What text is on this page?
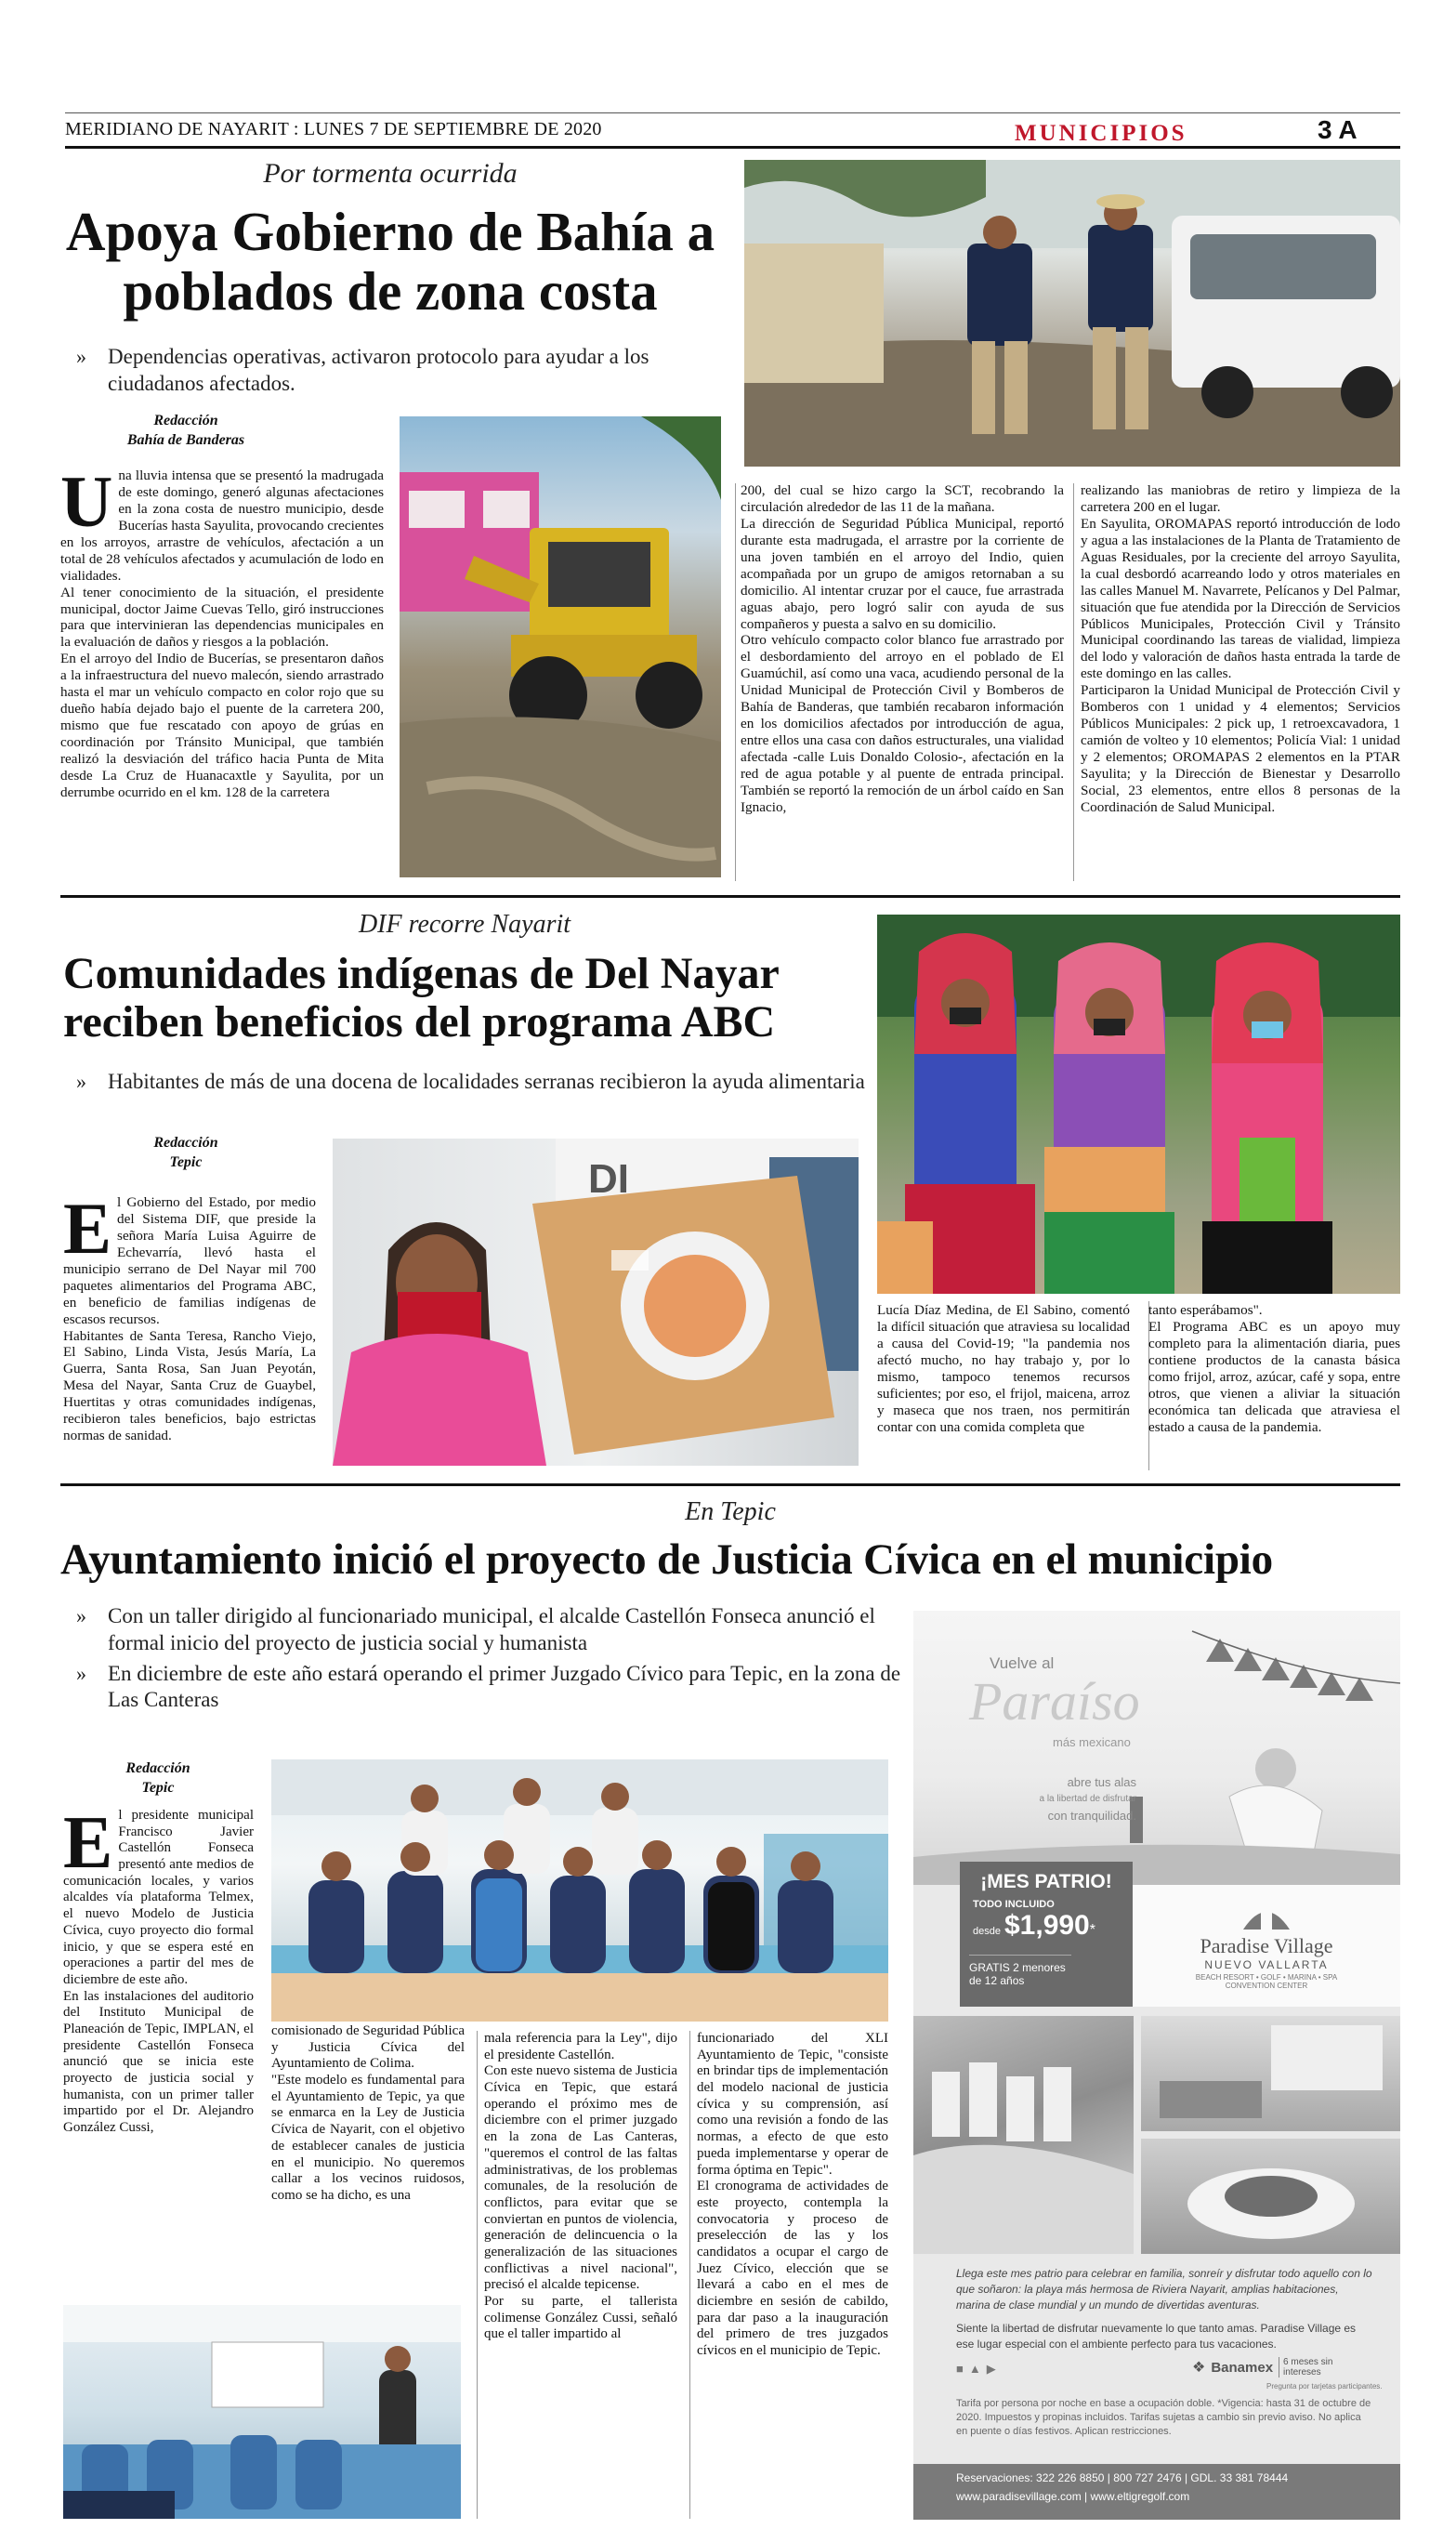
MERIDIANO DE NAYARIT : LUNES 7 DE SEPTIEMBRE DE 2020	MUNICIPIOS	3 A
Por tormenta ocurrida
Apoya Gobierno de Bahía a poblados de zona costa
» Dependencias operativas, activaron protocolo para ayudar a los ciudadanos afectados.
Redacción
Bahía de Banderas
U na lluvia intensa que se presentó la madrugada de este domingo, generó algunas afectaciones en la zona costa de nuestro municipio, desde Bucerías hasta Sayulita, provocando crecientes en los arroyos, arrastre de vehículos, afectación a un total de 28 vehículos afectados y acumulación de lodo en vialidades.
Al tener conocimiento de la situación, el presidente municipal, doctor Jaime Cuevas Tello, giró instrucciones para que intervinieran las dependencias municipales en la evaluación de daños y riesgos a la población.
En el arroyo del Indio de Bucerías, se presentaron daños a la infraestructura del nuevo malecón, siendo arrastrado hasta el mar un vehículo compacto en color rojo que su dueño había dejado bajo el puente de la carretera 200, mismo que fue rescatado con apoyo de grúas en coordinación por Tránsito Municipal, que también realizó la desviación del tráfico hacia Punta de Mita desde La Cruz de Huanacaxtle y Sayulita, por un derrumbe ocurrido en el km. 128 de la carretera

200, del cual se hizo cargo la SCT, recobrando la circulación alrededor de las 11 de la mañana.
La dirección de Seguridad Pública Municipal, reportó durante esta madrugada, el arrastre por la corriente de una joven también en el arroyo del Indio, quien acompañada por un grupo de amigos retornaban a su domicilio. Al intentar cruzar por el cauce, fue arrastrada aguas abajo, pero logró salir con ayuda de sus compañeros y puesta a salvo en su domicilio.
Otro vehículo compacto color blanco fue arrastrado por el desbordamiento del arroyo en el poblado de El Guamúchil, así como una vaca, acudiendo personal de la Unidad Municipal de Protección Civil y Bomberos de Bahía de Banderas, que también recabaron información en los domicilios afectados por introducción de agua, entre ellos una casa con daños estructurales, una vialidad afectada -calle Luis Donaldo Colosio-, afectación en la red de agua potable y al puente de entrada principal. También se reportó la remoción de un árbol caído en San Ignacio,

realizando las maniobras de retiro y limpieza de la carretera 200 en el lugar.
En Sayulita, OROMAPAS reportó introducción de lodo y agua a las instalaciones de la Planta de Tratamiento de Aguas Residuales, por la creciente del arroyo Sayulita, la cual desbordó acarreando lodo y otros materiales en las calles Manuel M. Navarrete, Pelícanos y Del Palmar, situación que fue atendida por la Dirección de Servicios Públicos Municipales, Protección Civil y Tránsito Municipal coordinando las tareas de vialidad, limpieza del lodo y valoración de daños hasta entrada la tarde de este domingo en las calles.
Participaron la Unidad Municipal de Protección Civil y Bomberos con 1 unidad y 4 elementos; Servicios Públicos Municipales: 2 pick up, 1 retroexcavadora, 1 camión de volteo y 10 elementos; Policía Vial: 1 unidad y 2 elementos; OROMAPAS 2 elementos en la PTAR Sayulita; y la Dirección de Bienestar y Desarrollo Social, 23 elementos, entre ellos 8 personas de la Coordinación de Salud Municipal.

DIF recorre Nayarit
Comunidades indígenas de Del Nayar reciben beneficios del programa ABC
» Habitantes de más de una docena de localidades serranas recibieron la ayuda alimentaria
Redacción
Tepic	DI
E l Gobierno del Estado, por medio del Sistema DIF, que preside la señora María Luisa Aguirre de Echevarría, llevó hasta el municipio serrano de Del Nayar mil 700 paquetes alimentarios del Programa ABC, en beneficio de familias indígenas de escasos recursos.
Habitantes de Santa Teresa, Rancho Viejo, El Sabino, Linda Vista, Jesús María, La Guerra, Santa Rosa, San Juan Peyotán, Mesa del Nayar, Santa Cruz de Guaybel, Huertitas y otras comunidades indígenas, recibieron tales beneficios, bajo estrictas normas de sanidad.

Lucía Díaz Medina, de El Sabino, comentó la difícil situación que atraviesa su localidad a causa del Covid-19; "la pandemia nos afectó mucho, no hay trabajo y, por lo mismo, tampoco tenemos recursos suficientes; por eso, el frijol, maicena, arroz y maseca que nos traen, nos permitirán contar con una comida completa que

tanto esperábamos".
El Programa ABC es un apoyo muy completo para la alimentación diaria, pues contiene productos de la canasta básica como frijol, arroz, azúcar, café y sopa, entre otros, que vienen a aliviar la situación económica tan delicada que atraviesa el estado a causa de la pandemia.

En Tepic
Ayuntamiento inició el proyecto de Justicia Cívica en el municipio
» Con un taller dirigido al funcionariado municipal, el alcalde Castellón Fonseca anunció el formal inicio del proyecto de justicia social y humanista
» En diciembre de este año estará operando el primer Juzgado Cívico para Tepic, en la zona de Las Canteras
Redacción
Tepic
E l presidente municipal Francisco Javier Castellón Fonseca presentó ante medios de comunicación locales, y varios alcaldes vía plataforma Telmex, el nuevo Modelo de Justicia Cívica, cuyo proyecto dio formal inicio, y que se espera esté en operaciones a partir del mes de diciembre de este año.
En las instalaciones del auditorio del Instituto Municipal de Planeación de Tepic, IMPLAN, el presidente Castellón Fonseca anunció que se inicia este proyecto de justicia social y humanista, con un primer taller impartido por el Dr. Alejandro González Cussi,

comisionado de Seguridad Pública y Justicia Cívica del Ayuntamiento de Colima.
"Este modelo es fundamental para el Ayuntamiento de Tepic, ya que se enmarca en la Ley de Justicia Cívica de Nayarit, con el objetivo de establecer canales de justicia en el municipio. No queremos callar a los vecinos ruidosos, como se ha dicho, es una

mala referencia para la Ley", dijo el presidente Castellón.
Con este nuevo sistema de Justicia Cívica en Tepic, que estará operando el próximo mes de diciembre con el primer juzgado en la zona de Las Canteras, "queremos el control de las faltas administrativas, de los problemas comunales, de la resolución de conflictos, para evitar que se conviertan en puntos de violencia, generación de delincuencia o la generalización de las situaciones conflictivas a nivel nacional", precisó el alcalde tepicense.
Por su parte, el tallerista colimense González Cussi, señaló que el taller impartido al

funcionariado del XLI Ayuntamiento de Tepic, "consiste en brindar tips de implementación del modelo nacional de justicia cívica y su comprensión, así como una revisión a fondo de las normas, a efecto de que esto pueda implementarse y operar de forma óptima en Tepic".
El cronograma de actividades de este proyecto, contempla la convocatoria y proceso de preselección de las y los candidatos a ocupar el cargo de Juez Cívico, elección que se llevará a cabo en el mes de diciembre en sesión de cabildo, para dar paso a la inauguración del primero de tres juzgados cívicos en el municipio de Tepic.

Vuelve al
Paraíso
más mexicano
abre tus alas
a la libertad de disfrutar
con tranquilidad.
¡MES PATRIO!
TODO INCLUIDO
desde $1,990 *
GRATIS 2 menores de 12 años
Paradise Village
NUEVO VALLARTA
BEACH RESORT • GOLF • MARINA • SPA CONVENTION CENTER
Llega este mes patrio para celebrar en familia, sonreír y disfrutar todo aquello con lo que soñaron: la playa más hermosa de Riviera Nayarit, amplias habitaciones, marina de clase mundial y un mundo de divertidas aventuras.
Siente la libertad de disfrutar nuevamente lo que tanto amas. Paradise Village es ese lugar especial con el ambiente perfecto para tus vacaciones.
■ ▲ ▶	❖ Banamex	6 meses sin intereses
Pregunta por tarjetas participantes.
Tarifa por persona por noche en base a ocupación doble. *Vigencia: hasta 31 de octubre de 2020. Impuestos y propinas incluidos. Tarifas sujetas a cambio sin previo aviso. No aplica en puente o días festivos. Aplican restricciones.
Reservaciones: 322 226 8850 | 800 727 2476 | GDL. 33 381 78444
www.paradisevillage.com | www.eltigregolf.com
